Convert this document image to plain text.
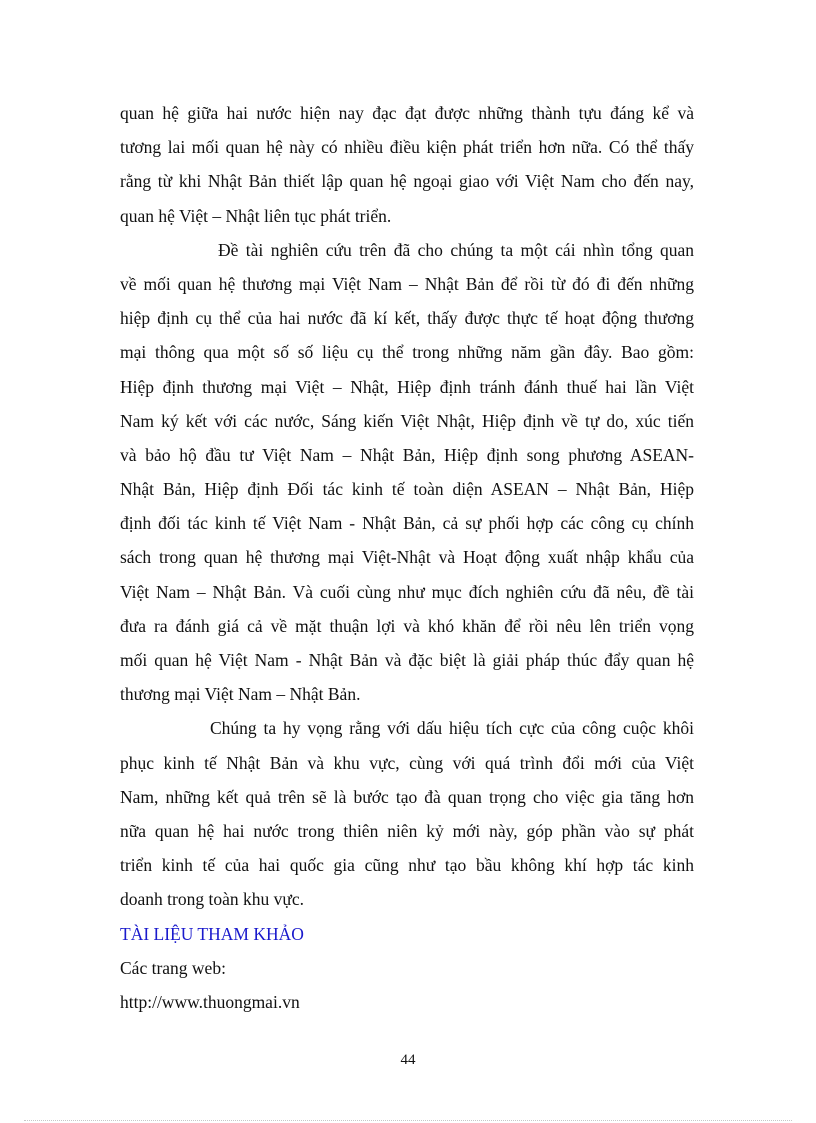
quan hệ giữa hai nước hiện nay đạc đạt được những thành tựu đáng kể và
tương lai mối quan hệ này có nhiều điều kiện phát triển hơn nữa. Có thể thấy
rằng từ khi Nhật Bản thiết lập quan hệ ngoại giao với Việt Nam cho đến nay,
quan hệ Việt – Nhật liên tục phát triển.
Đề tài nghiên cứu trên đã cho chúng ta một cái nhìn tổng quan
về mối quan hệ thương mại Việt Nam – Nhật Bản để rồi từ đó đi đến những
hiệp định cụ thể của hai nước đã kí kết, thấy được thực tế hoạt động thương
mại thông qua một số số liệu cụ thể trong những năm gần đây. Bao gồm:
Hiệp định thương mại Việt – Nhật, Hiệp định tránh đánh thuế hai lần Việt
Nam ký kết với các nước, Sáng kiến Việt Nhật, Hiệp định về tự do, xúc tiến
và bảo hộ đầu tư Việt Nam – Nhật Bản, Hiệp định song phương ASEAN-
Nhật Bản, Hiệp định Đối tác kinh tế toàn diện ASEAN – Nhật Bản, Hiệp
định đối tác kinh tế Việt Nam - Nhật Bản, cả sự phối hợp các công cụ chính
sách trong quan hệ thương mại Việt-Nhật và Hoạt động xuất nhập khẩu của
Việt Nam – Nhật Bản. Và cuối cùng như mục đích nghiên cứu đã nêu, đề tài
đưa ra đánh giá cả về mặt thuận lợi và khó khăn để rồi nêu lên triển vọng
mối quan hệ Việt Nam - Nhật Bản và đặc biệt là giải pháp thúc đẩy quan hệ
thương mại Việt Nam – Nhật Bản.
Chúng ta hy vọng rằng với dấu hiệu tích cực của công cuộc khôi
phục kinh tế Nhật Bản và khu vực, cùng với quá trình đổi mới của Việt
Nam, những kết quả trên sẽ là bước tạo đà quan trọng cho việc gia tăng hơn
nữa quan hệ hai nước trong thiên niên kỷ mới này, góp phần vào sự phát
triển kinh tế của hai quốc gia cũng như tạo bầu không khí hợp tác kinh
doanh trong toàn khu vực.
TÀI LIỆU THAM KHẢO
Các trang web:
http://www.thuongmai.vn
44
